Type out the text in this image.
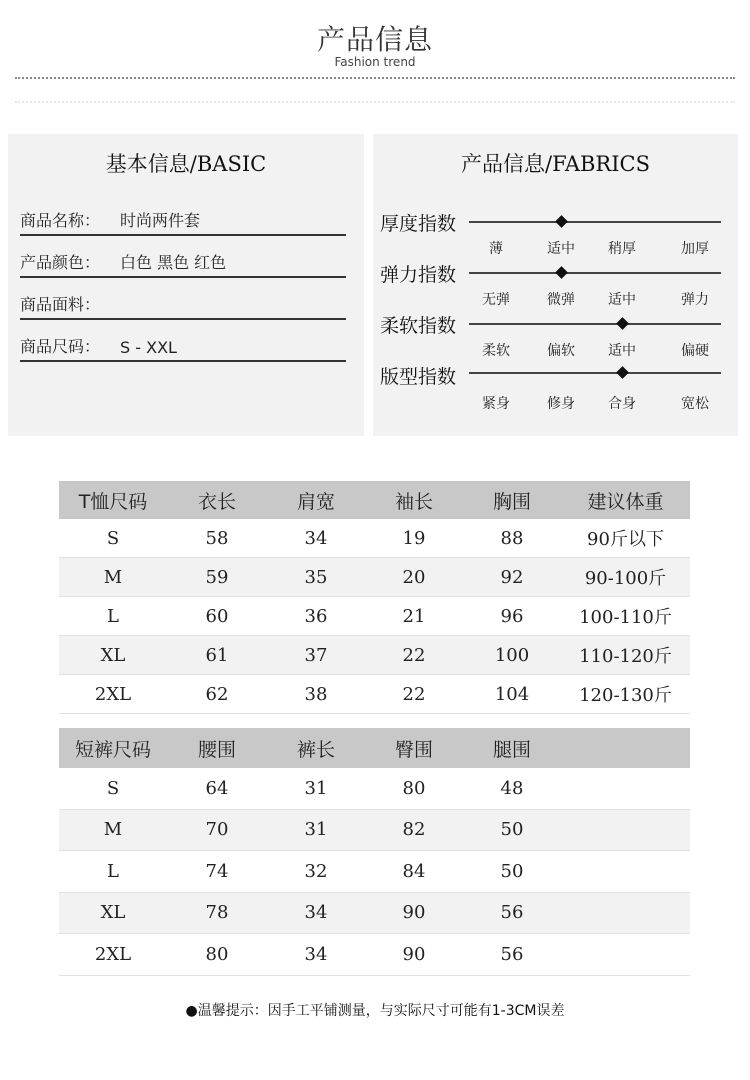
产品信息
Fashion trend
基本信息/BASIC
商品名称： 时尚两件套
产品颜色： 白色 黑色 红色
商品面料：
商品尺码： S - XXL
产品信息/FABRICS
厚度指数
薄	适中	稍厚	加厚
弹力指数
无弹	微弹	适中	弹力
柔软指数
柔软	偏软	适中	偏硬
版型指数
紧身	修身	合身	宽松
T恤尺码	衣长	肩宽	袖长	胸围	建议体重
S	58	34	19	88	90斤以下
M	59	35	20	92	90-100斤
L	60	36	21	96	100-110斤
XL	61	37	22	100	110-120斤
2XL	62	38	22	104	120-130斤
短裤尺码	腰围	裤长	臀围	腿围	
S	64	31	80	48	
M	70	31	82	50	
L	74	32	84	50	
XL	78	34	90	56	
2XL	80	34	90	56	
●温馨提示：因手工平铺测量，与实际尺寸可能有1-3CM误差
